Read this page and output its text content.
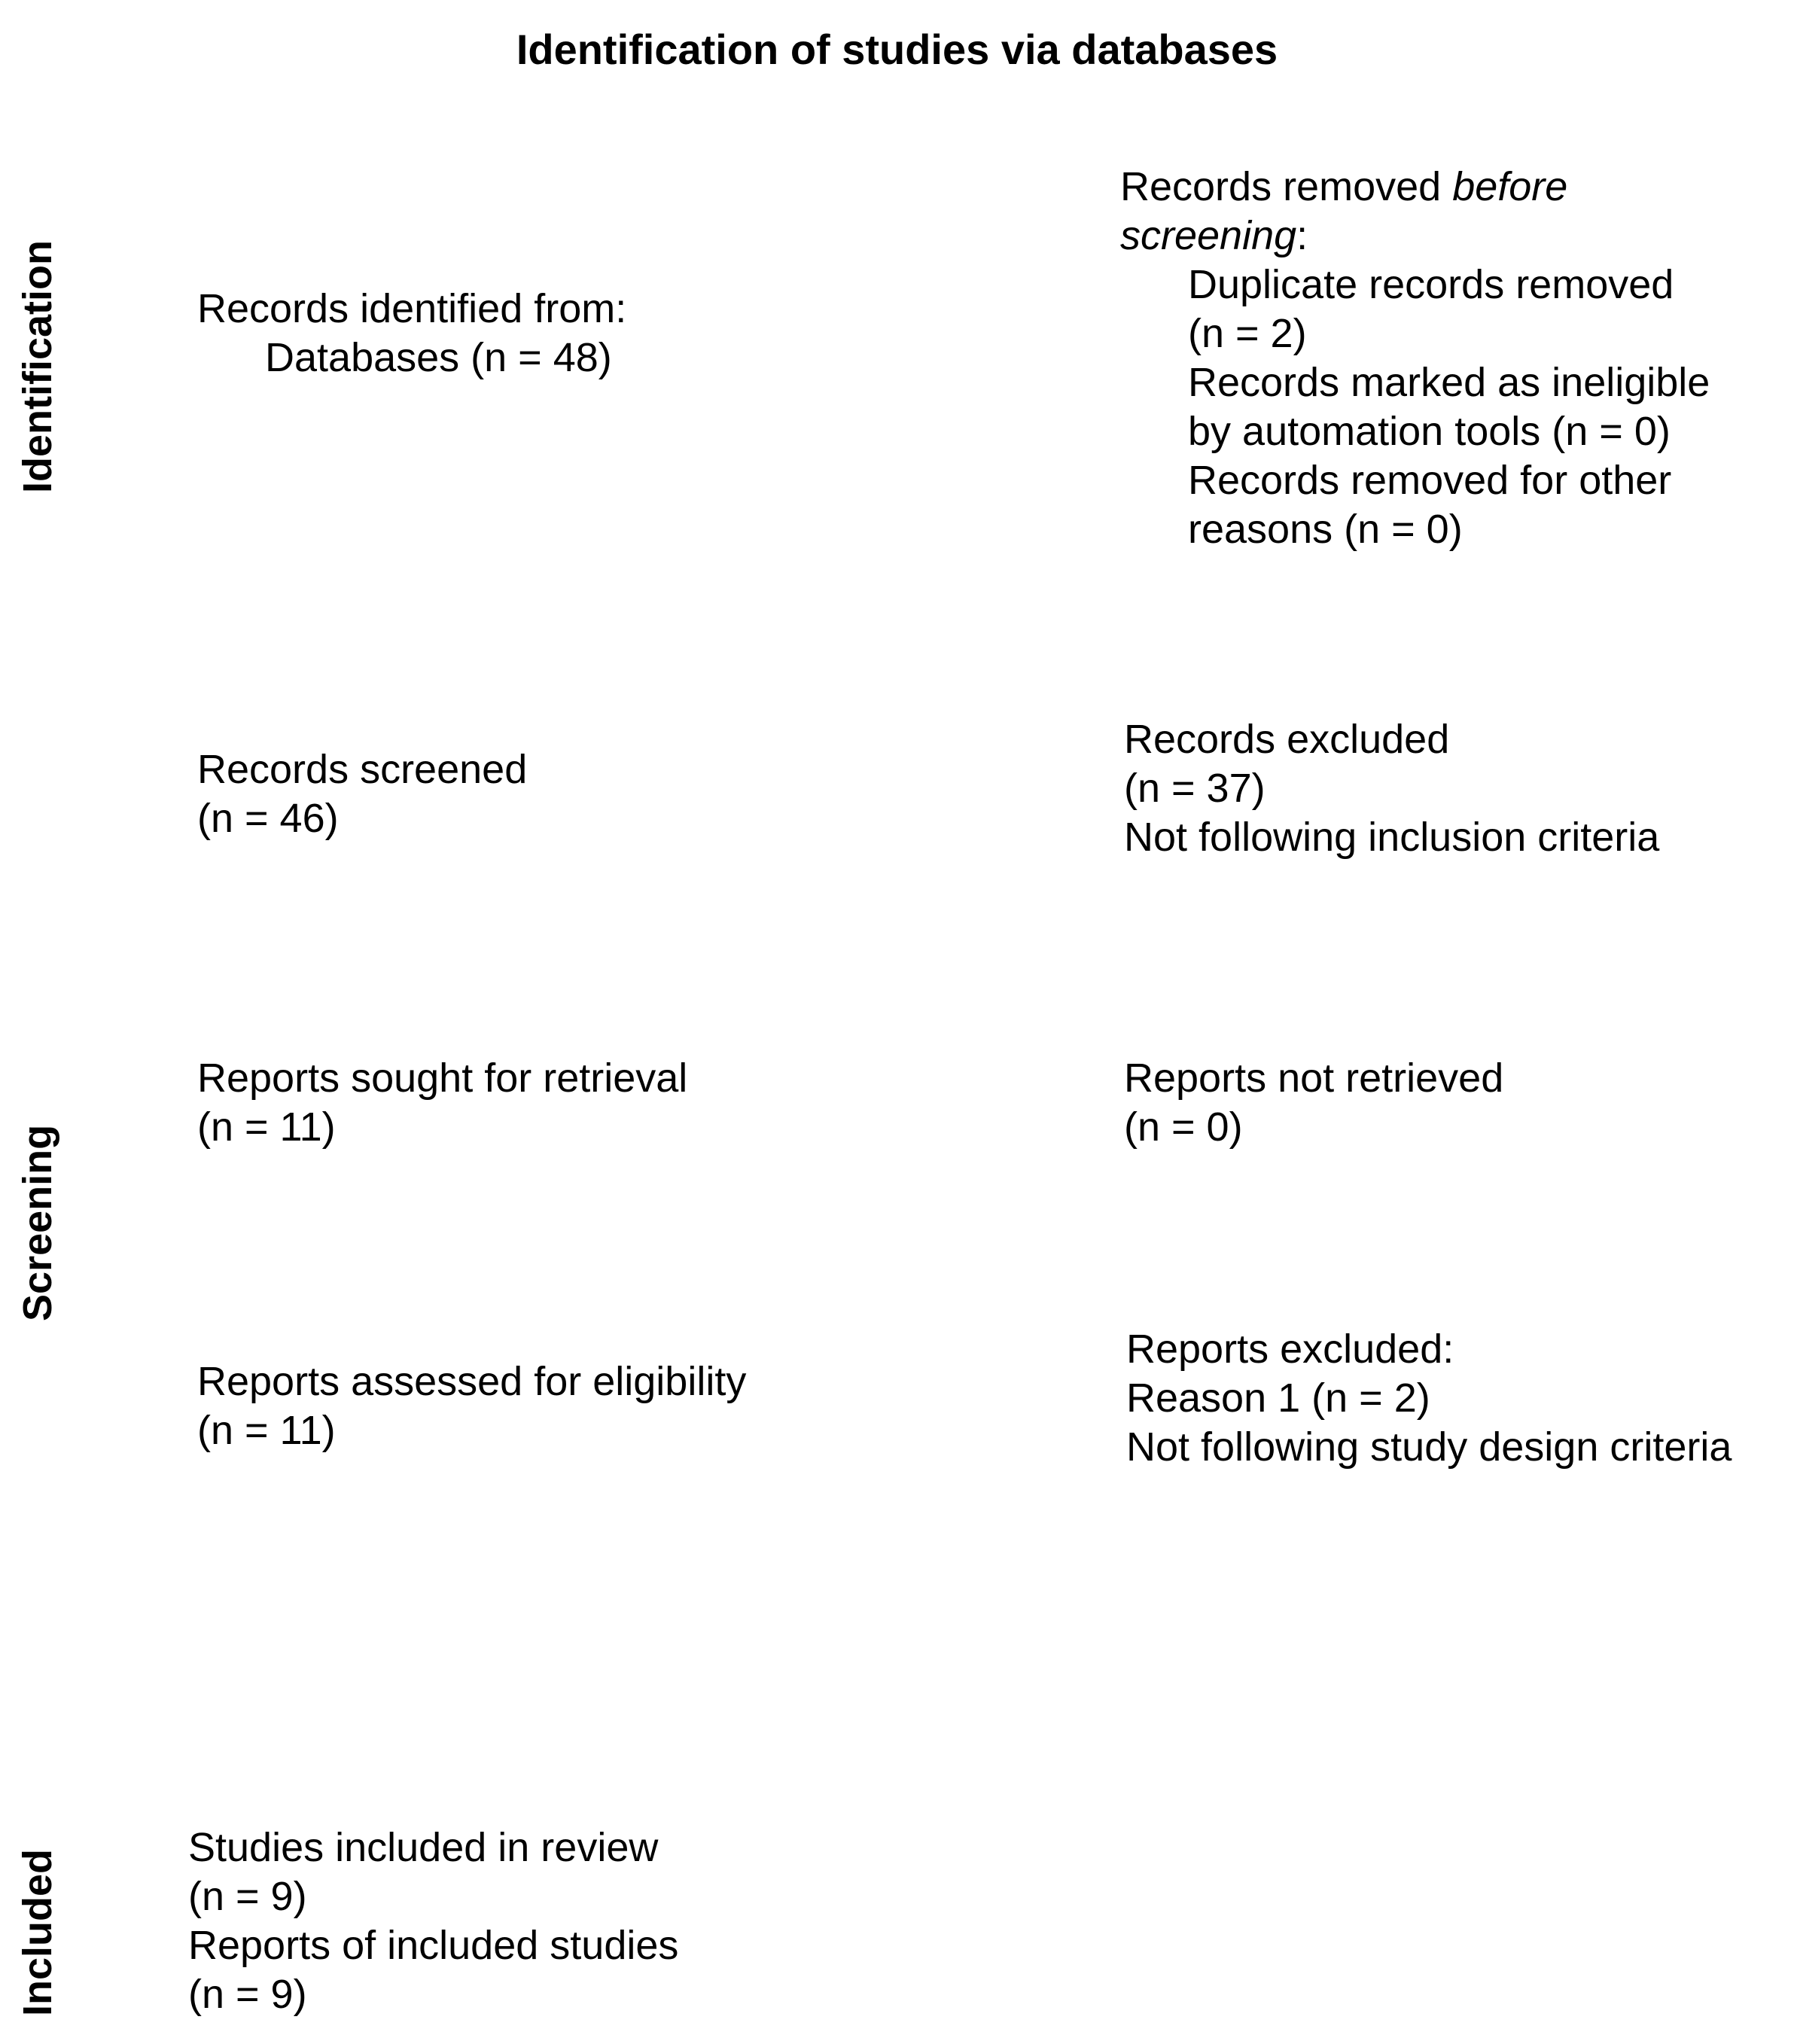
Identification of studies via databases
Identification
Screening
Included
Records identified from:
Databases (n = 48)
Records removed before
screening:
Duplicate records removed
(n = 2)
Records marked as ineligible
by automation tools (n = 0)
Records removed for other
reasons (n = 0)
Records screened
(n = 46)
Records excluded
(n = 37)
Not following inclusion criteria
Reports sought for retrieval
(n = 11)
Reports not retrieved
(n = 0)
Reports assessed for eligibility
(n = 11)
Reports excluded:
Reason 1 (n = 2)
Not following study design criteria
Studies included in review
(n = 9)
Reports of included studies
(n = 9)
